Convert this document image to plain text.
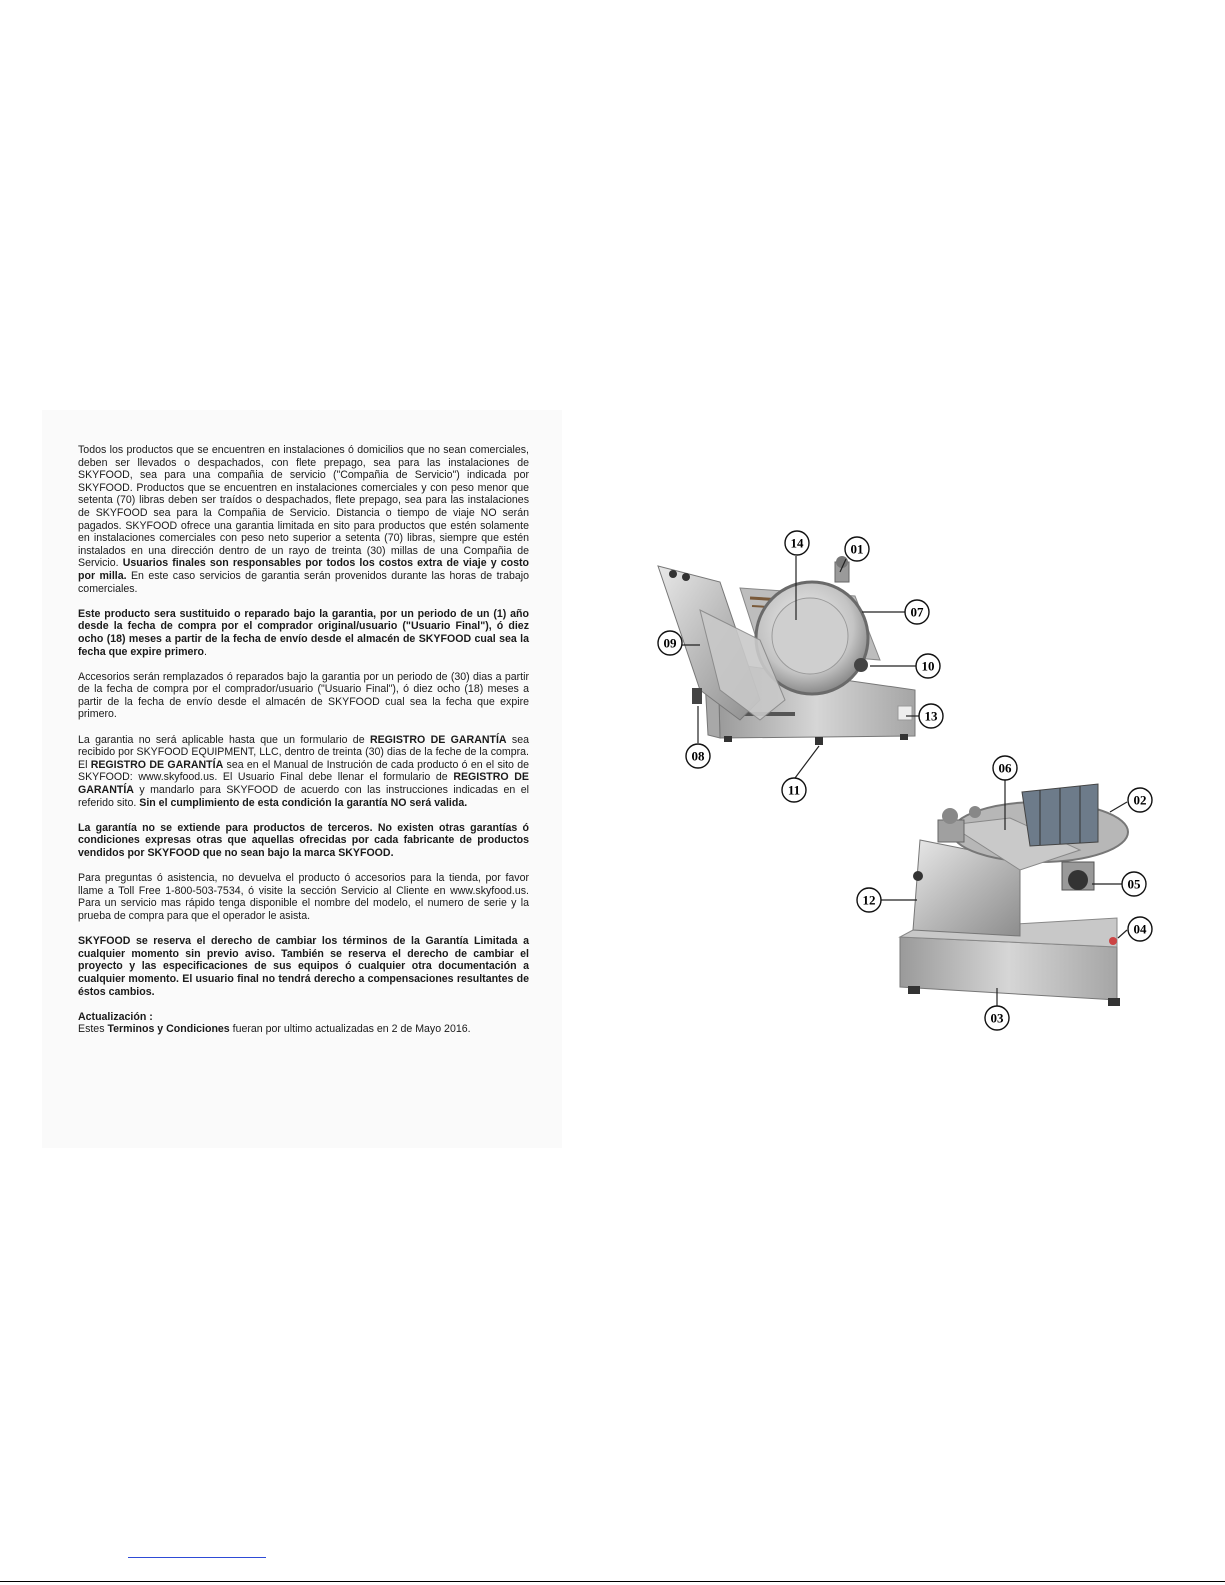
Todos los productos que se encuentren en instalaciones ó domicilios que no sean comerciales, deben ser llevados o despachados, con flete prepago, sea para las instalaciones de SKYFOOD, sea para una compañia de servicio ("Compañia de Servicio") indicada por SKYFOOD. Productos que se encuentren en instalaciones comerciales y con peso menor que setenta (70) libras deben ser traídos o despachados, flete prepago, sea para las instalaciones de SKYFOOD sea para la Compañia de Servicio. Distancia o tiempo de viaje NO serán pagados. SKYFOOD ofrece una garantia limitada en sito para productos que estén solamente en instalaciones comerciales con peso neto superior a setenta (70) libras, siempre que estén instalados en una dirección dentro de un rayo de treinta (30) millas de una Compañia de Servicio. Usuarios finales son responsables por todos los costos extra de viaje y costo por milla. En este caso servicios de garantia serán provenidos durante las horas de trabajo comerciales.

Este producto sera sustituido o reparado bajo la garantia, por un periodo de un (1) año desde la fecha de compra por el comprador original/usuario ("Usuario Final"), ó diez ocho (18) meses a partir de la fecha de envío desde el almacén de SKYFOOD cual sea la fecha que expire primero.

Accesorios serán remplazados ó reparados bajo la garantia por un periodo de (30) dias a partir de la fecha de compra por el comprador/usuario ("Usuario Final"), ó diez ocho (18) meses a partir de la fecha de envío desde el almacén de SKYFOOD cual sea la fecha que expire primero.

La garantia no será aplicable hasta que un formulario de REGISTRO DE GARANTÍA sea recibido por SKYFOOD EQUIPMENT, LLC, dentro de treinta (30) dias de la feche de la compra. El REGISTRO DE GARANTÍA sea en el Manual de Instrución de cada producto ó en el sito de SKYFOOD: www.skyfood.us. El Usuario Final debe llenar el formulario de REGISTRO DE GARANTÍA y mandarlo para SKYFOOD de acuerdo con las instrucciones indicadas en el referido sito. Sin el cumplimiento de esta condición la garantía NO será valida.

La garantía no se extiende para productos de terceros. No existen otras garantías ó condiciones expresas otras que aquellas ofrecidas por cada fabricante de productos vendidos por SKYFOOD que no sean bajo la marca SKYFOOD.

Para preguntas ó asistencia, no devuelva el producto ó accesorios para la tienda, por favor llame a Toll Free 1-800-503-7534, ó visite la sección Servicio al Cliente en www.skyfood.us. Para un servicio mas rápido tenga disponible el nombre del modelo, el numero de serie y la prueba de compra para que el operador le asista.

SKYFOOD se reserva el derecho de cambiar los términos de la Garantía Limitada a cualquier momento sin previo aviso. También se reserva el derecho de cambiar el proyecto y las especificaciones de sus equipos ó cualquier otra documentación a cualquier momento. El usuario final no tendrá derecho a compensaciones resultantes de éstos cambios.

Actualización :
Estes Terminos y Condiciones fueran por ultimo actualizadas en 2 de Mayo 2016.
14	01
07
09
10
13
08
11
06
02
05
12
04
03
